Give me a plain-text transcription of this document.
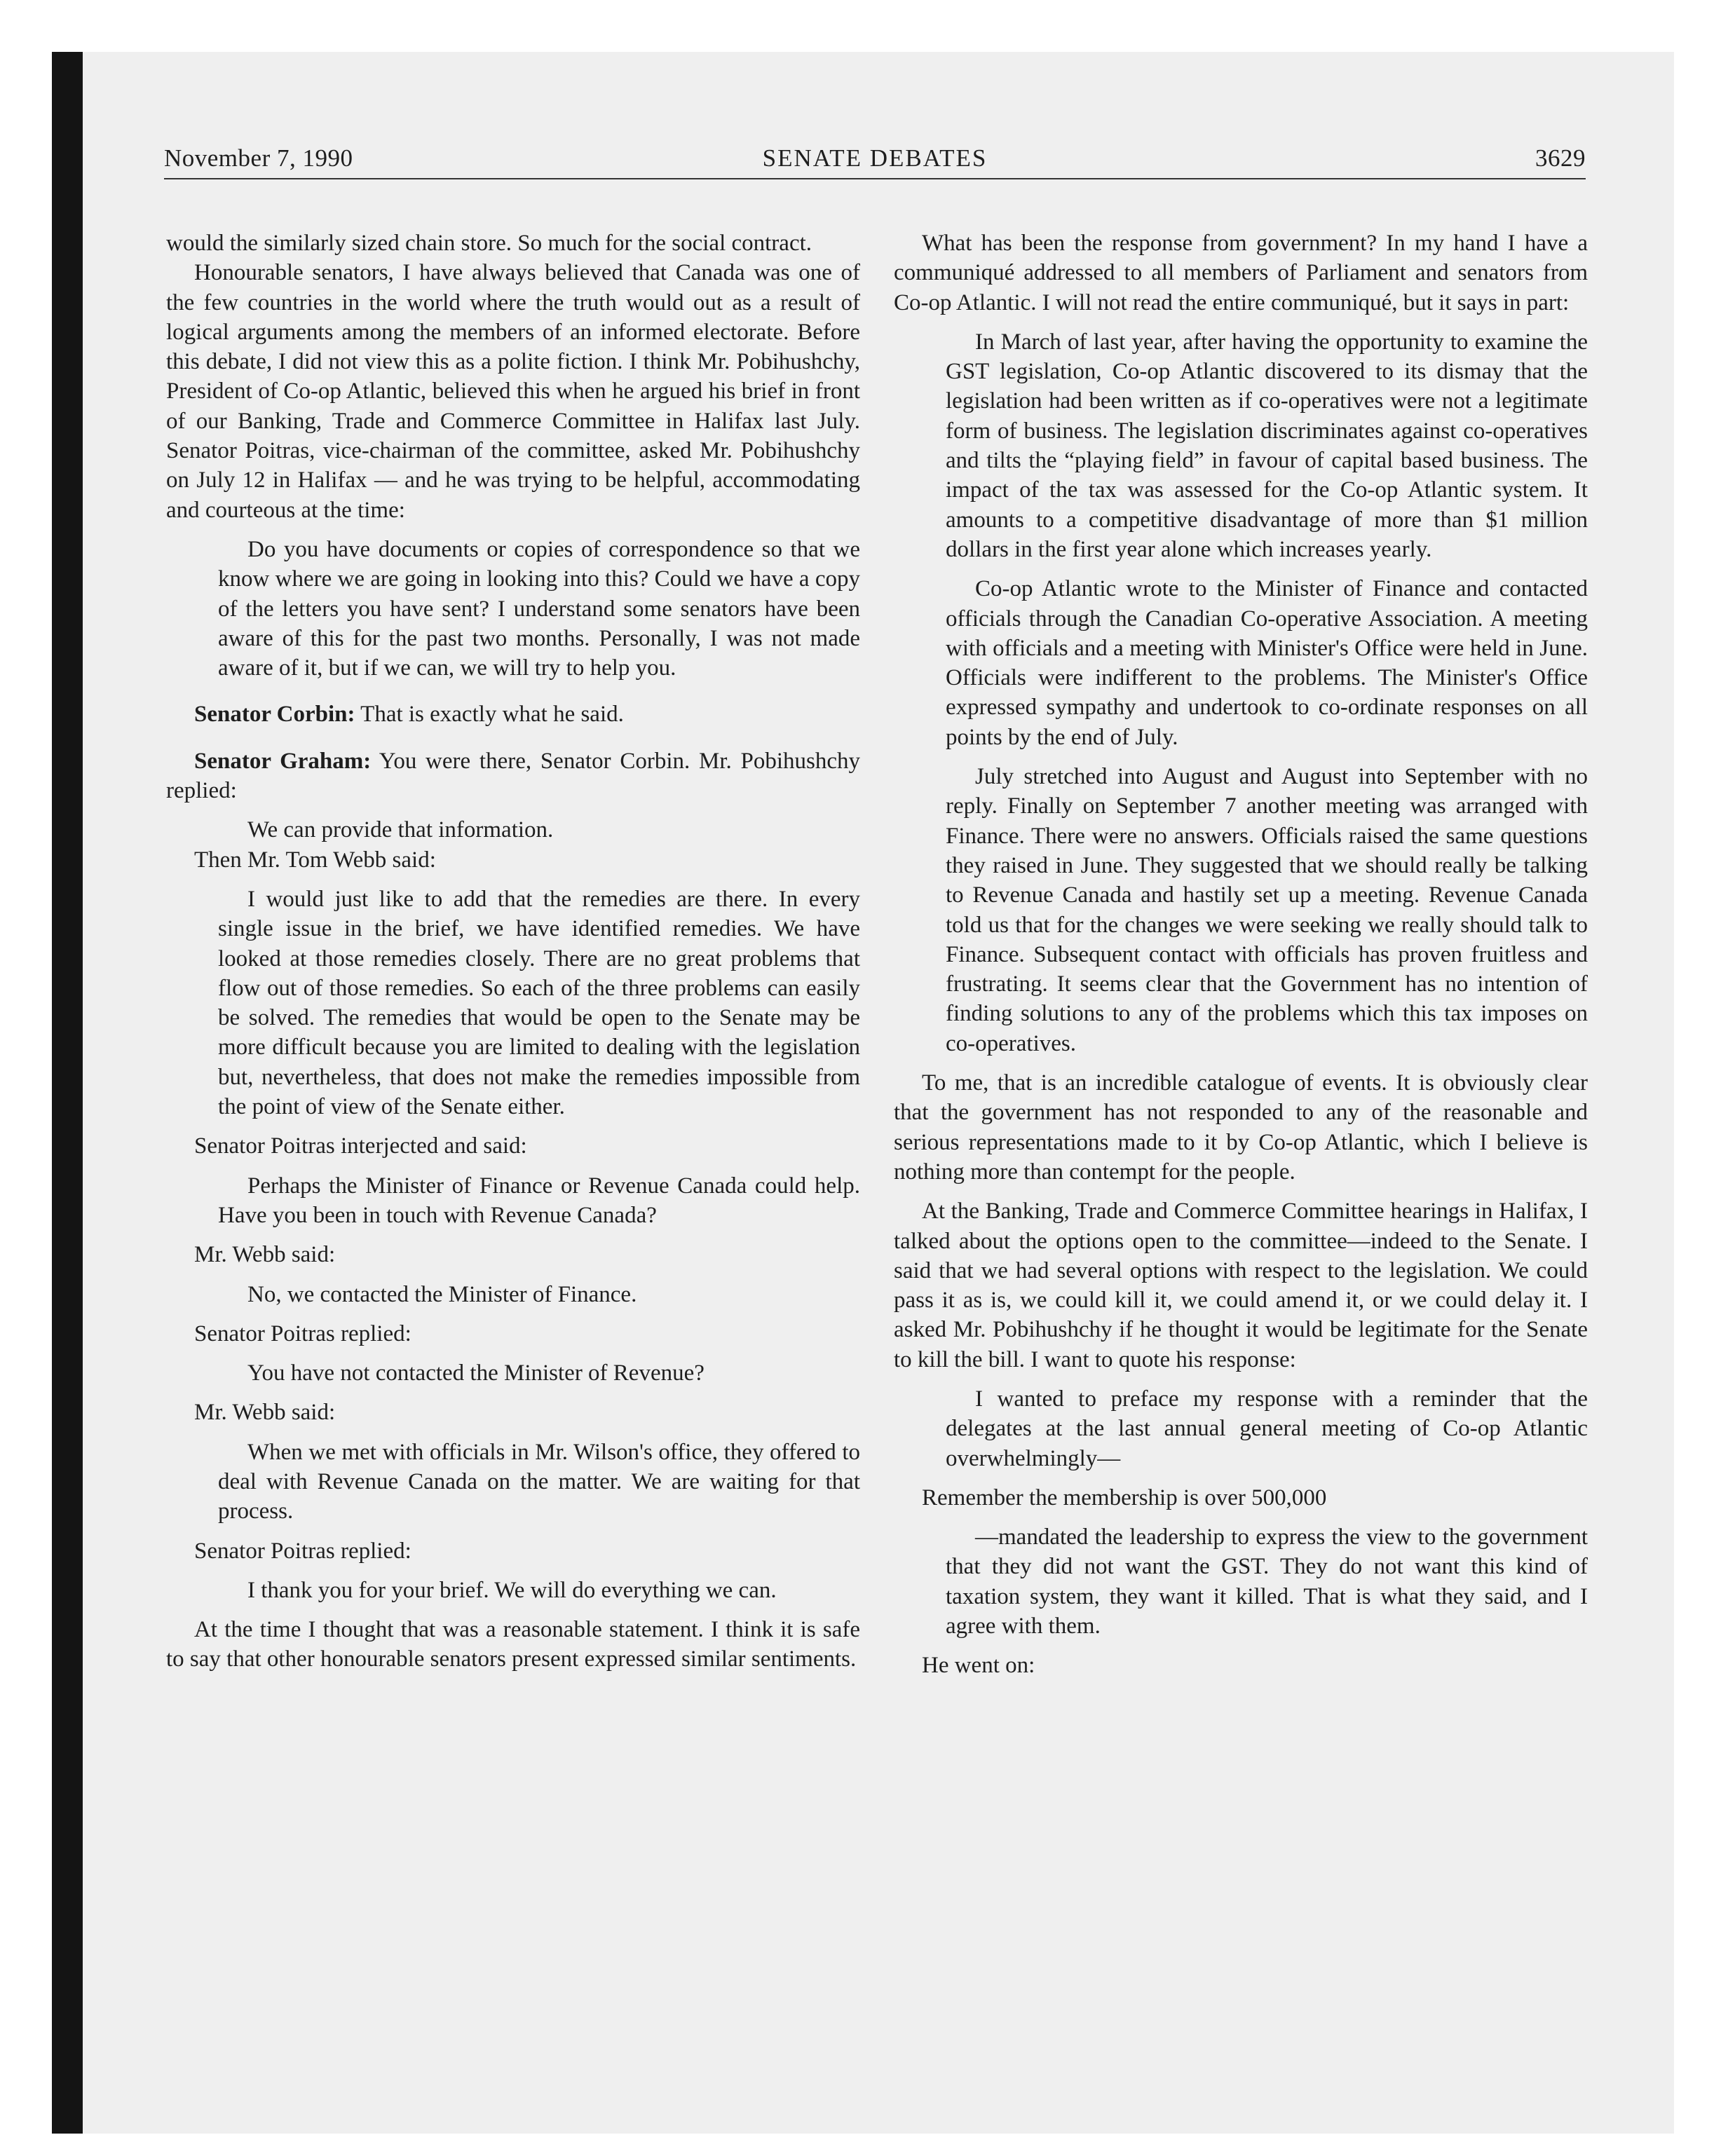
November 7, 1990	SENATE DEBATES	3629

would the similarly sized chain store. So much for the social contract.

Honourable senators, I have always believed that Canada was one of the few countries in the world where the truth would out as a result of logical arguments among the members of an informed electorate. Before this debate, I did not view this as a polite fiction. I think Mr. Pobihushchy, President of Co-op Atlantic, believed this when he argued his brief in front of our Banking, Trade and Commerce Committee in Halifax last July. Senator Poitras, vice-chairman of the committee, asked Mr. Pobihushchy on July 12 in Halifax — and he was trying to be helpful, accommodating and courteous at the time:

Do you have documents or copies of correspondence so that we know where we are going in looking into this? Could we have a copy of the letters you have sent? I understand some senators have been aware of this for the past two months. Personally, I was not made aware of it, but if we can, we will try to help you.

Senator Corbin: That is exactly what he said.

Senator Graham: You were there, Senator Corbin. Mr. Pobihushchy replied:

We can provide that information.

Then Mr. Tom Webb said:

I would just like to add that the remedies are there. In every single issue in the brief, we have identified remedies. We have looked at those remedies closely. There are no great problems that flow out of those remedies. So each of the three problems can easily be solved. The remedies that would be open to the Senate may be more difficult because you are limited to dealing with the legislation but, nevertheless, that does not make the remedies impossible from the point of view of the Senate either.

Senator Poitras interjected and said:

Perhaps the Minister of Finance or Revenue Canada could help. Have you been in touch with Revenue Canada?

Mr. Webb said:

No, we contacted the Minister of Finance.

Senator Poitras replied:

You have not contacted the Minister of Revenue?

Mr. Webb said:

When we met with officials in Mr. Wilson's office, they offered to deal with Revenue Canada on the matter. We are waiting for that process.

Senator Poitras replied:

I thank you for your brief. We will do everything we can.

At the time I thought that was a reasonable statement. I think it is safe to say that other honourable senators present expressed similar sentiments.

What has been the response from government? In my hand I have a communiqué addressed to all members of Parliament and senators from Co-op Atlantic. I will not read the entire communiqué, but it says in part:

In March of last year, after having the opportunity to examine the GST legislation, Co-op Atlantic discovered to its dismay that the legislation had been written as if co-operatives were not a legitimate form of business. The legislation discriminates against co-operatives and tilts the “playing field” in favour of capital based business. The impact of the tax was assessed for the Co-op Atlantic system. It amounts to a competitive disadvantage of more than $1 million dollars in the first year alone which increases yearly.

Co-op Atlantic wrote to the Minister of Finance and contacted officials through the Canadian Co-operative Association. A meeting with officials and a meeting with Minister's Office were held in June. Officials were indifferent to the problems. The Minister's Office expressed sympathy and undertook to co-ordinate responses on all points by the end of July.

July stretched into August and August into September with no reply. Finally on September 7 another meeting was arranged with Finance. There were no answers. Officials raised the same questions they raised in June. They suggested that we should really be talking to Revenue Canada and hastily set up a meeting. Revenue Canada told us that for the changes we were seeking we really should talk to Finance. Subsequent contact with officials has proven fruitless and frustrating. It seems clear that the Government has no intention of finding solutions to any of the problems which this tax imposes on co-operatives.

To me, that is an incredible catalogue of events. It is obviously clear that the government has not responded to any of the reasonable and serious representations made to it by Co-op Atlantic, which I believe is nothing more than contempt for the people.

At the Banking, Trade and Commerce Committee hearings in Halifax, I talked about the options open to the committee—indeed to the Senate. I said that we had several options with respect to the legislation. We could pass it as is, we could kill it, we could amend it, or we could delay it. I asked Mr. Pobihushchy if he thought it would be legitimate for the Senate to kill the bill. I want to quote his response:

I wanted to preface my response with a reminder that the delegates at the last annual general meeting of Co-op Atlantic overwhelmingly—

Remember the membership is over 500,000

—mandated the leadership to express the view to the government that they did not want the GST. They do not want this kind of taxation system, they want it killed. That is what they said, and I agree with them.

He went on:
